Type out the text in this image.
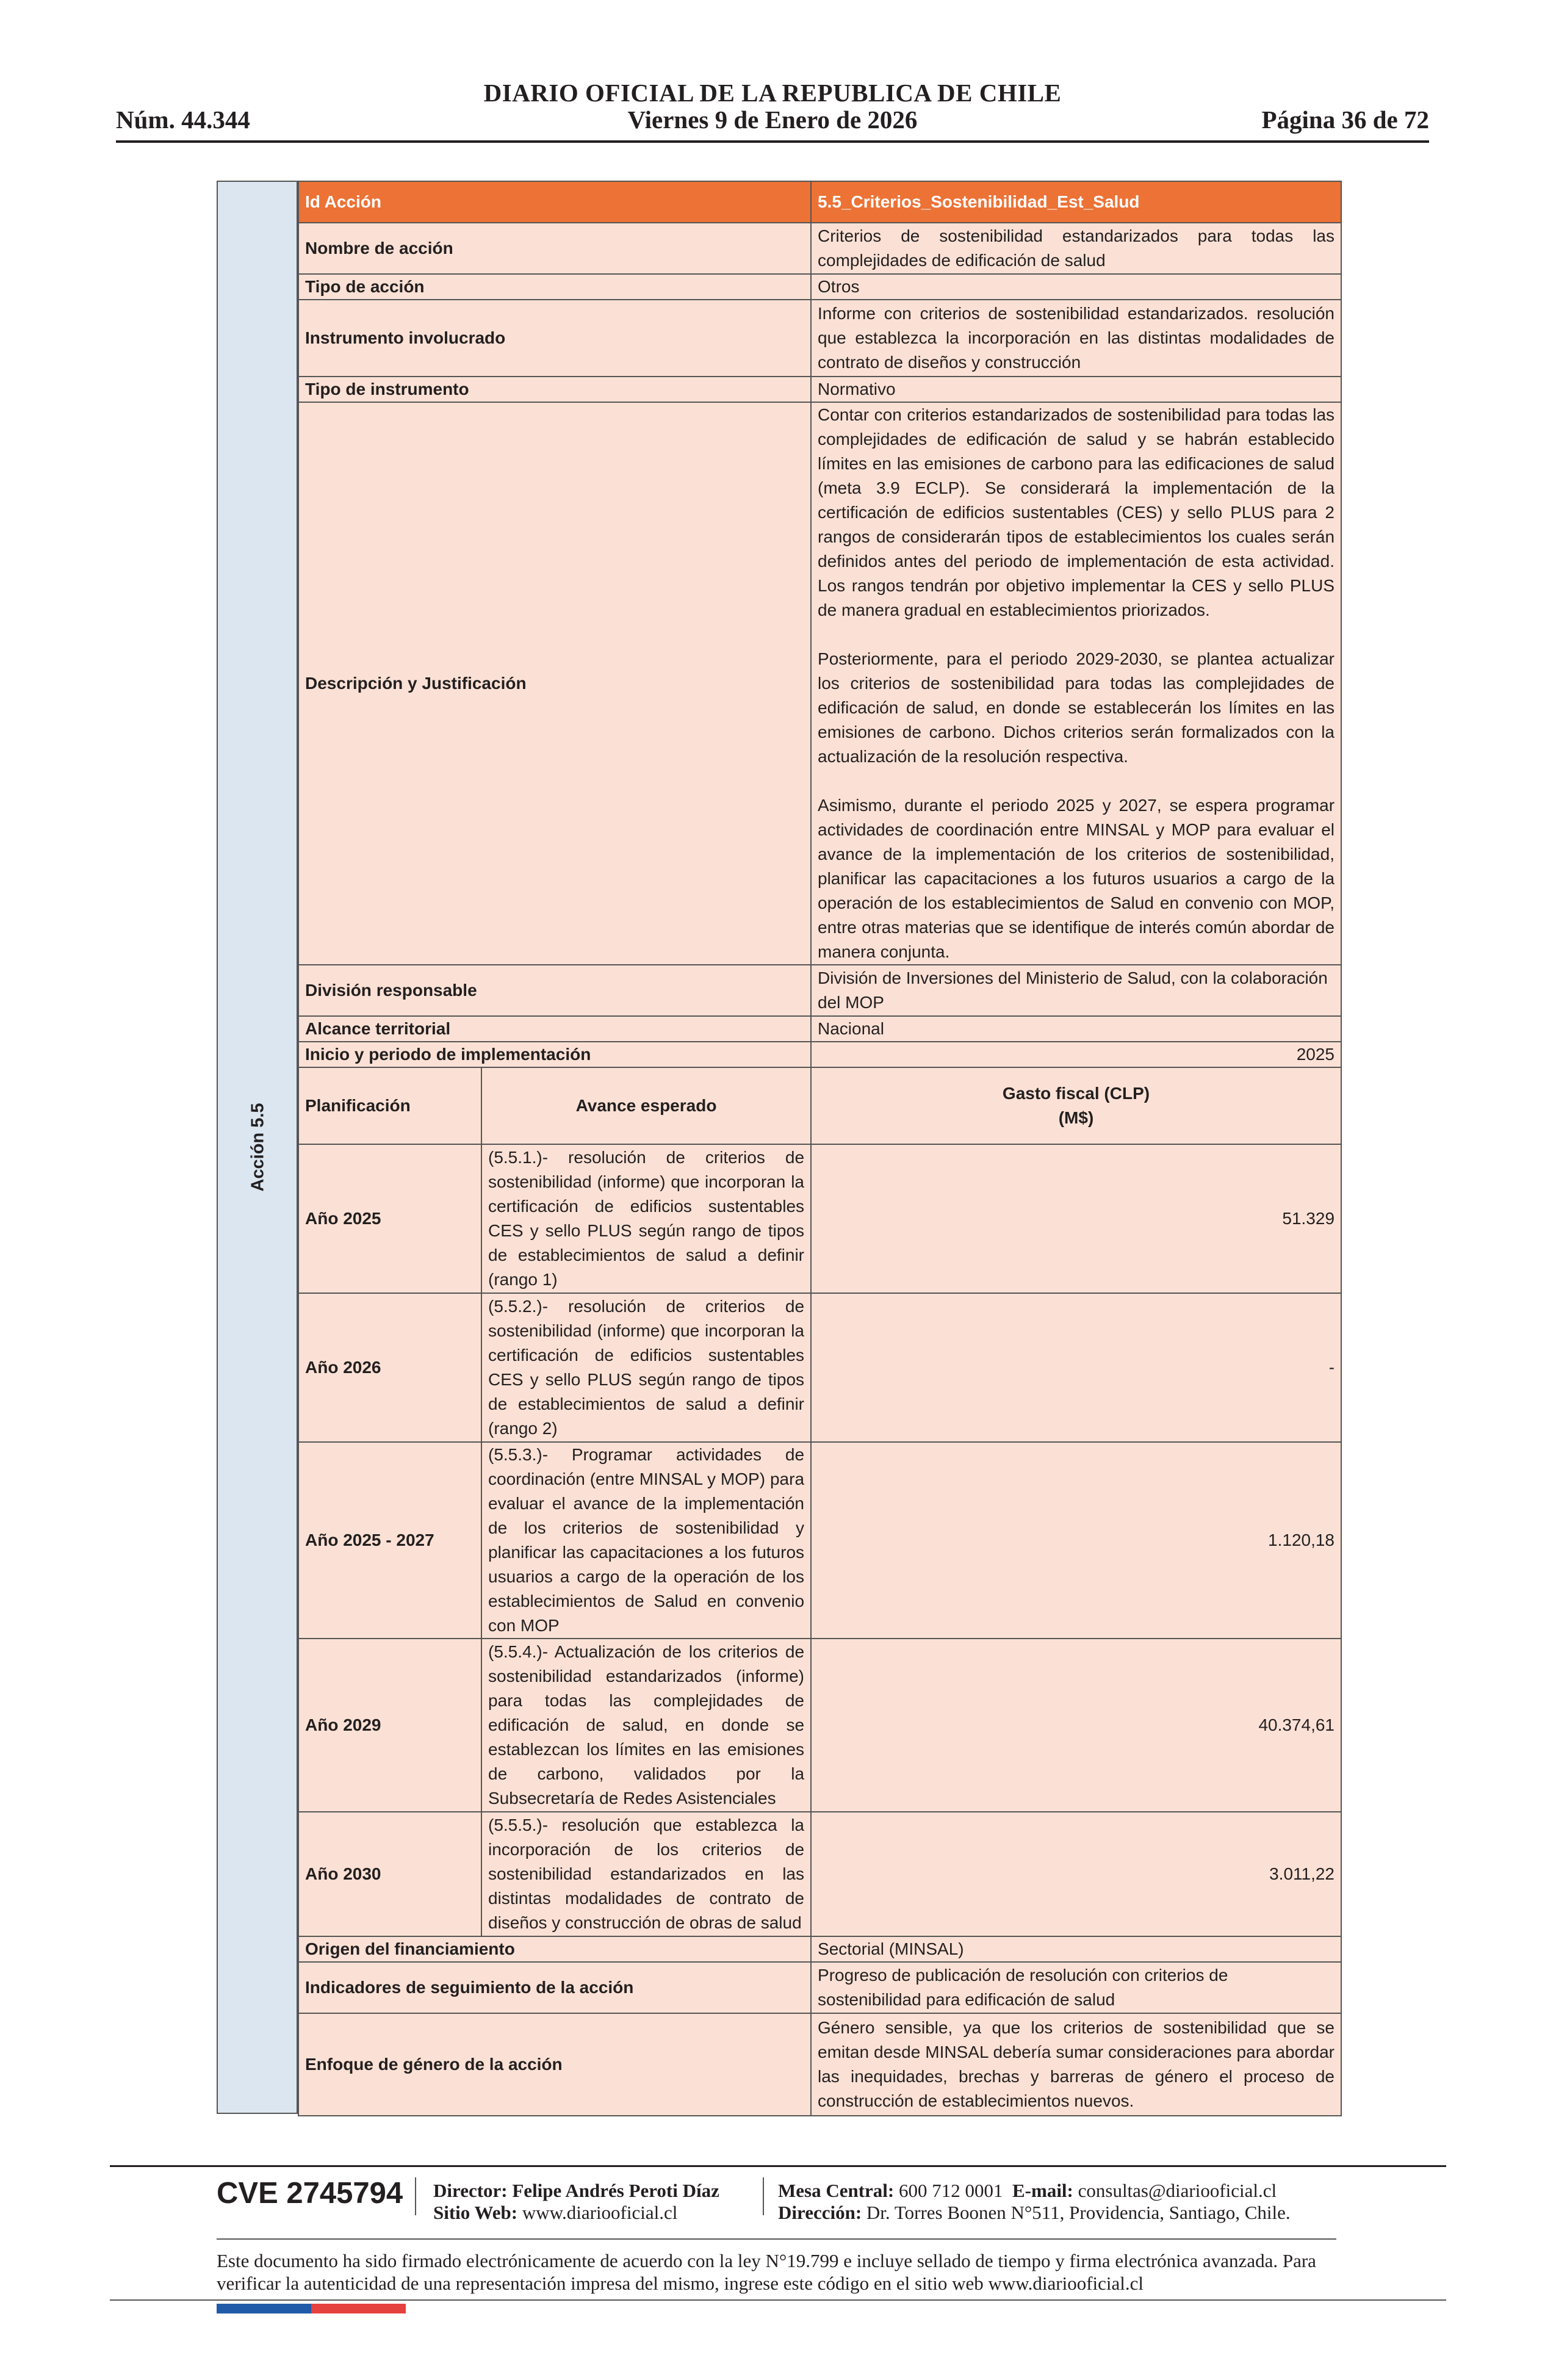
DIARIO OFICIAL DE LA REPUBLICA DE CHILE
Núm. 44.344	Viernes 9 de Enero de 2026	Página 36 de 72
Acción 5.5
Id Acción		5.5_Criterios_Sostenibilidad_Est_Salud
Nombre de acción		Criterios de sostenibilidad estandarizados para todas las complejidades de edificación de salud
Tipo de acción		Otros
Instrumento involucrado		Informe con criterios de sostenibilidad estandarizados. resolución que establezca la incorporación en las distintas modalidades de contrato de diseños y construcción
Tipo de instrumento		Normativo
Descripción y Justificación		Contar con criterios estandarizados de sostenibilidad para todas las complejidades de edificación de salud y se habrán establecido límites en las emisiones de carbono para las edificaciones de salud (meta 3.9 ECLP). Se considerará la implementación de la certificación de edificios sustentables (CES) y sello PLUS para 2 rangos de considerarán tipos de establecimientos los cuales serán definidos antes del periodo de implementación de esta actividad. Los rangos tendrán por objetivo implementar la CES y sello PLUS de manera gradual en establecimientos priorizados.
Posteriormente, para el periodo 2029-2030, se plantea actualizar los criterios de sostenibilidad para todas las complejidades de edificación de salud, en donde se establecerán los límites en las emisiones de carbono. Dichos criterios serán formalizados con la actualización de la resolución respectiva.
Asimismo, durante el periodo 2025 y 2027, se espera programar actividades de coordinación entre MINSAL y MOP para evaluar el avance de la implementación de los criterios de sostenibilidad, planificar las capacitaciones a los futuros usuarios a cargo de la operación de los establecimientos de Salud en convenio con MOP, entre otras materias que se identifique de interés común abordar de manera conjunta.

División responsable		División de Inversiones del Ministerio de Salud, con la colaboración del MOP
Alcance territorial		Nacional
Inicio y periodo de implementación		2025
Planificación	Avance esperado	Gasto fiscal (CLP)
(M$)

Año 2025	(5.5.1.)- resolución de criterios de sostenibilidad (informe) que incorporan la certificación de edificios sustentables CES y sello PLUS según rango de tipos de establecimientos de salud a definir (rango 1)	51.329
Año 2026	(5.5.2.)- resolución de criterios de sostenibilidad (informe) que incorporan la certificación de edificios sustentables CES y sello PLUS según rango de tipos de establecimientos de salud a definir (rango 2)	-
Año 2025 - 2027	(5.5.3.)- Programar actividades de coordinación (entre MINSAL y MOP) para evaluar el avance de la implementación de los criterios de sostenibilidad y planificar las capacitaciones a los futuros usuarios a cargo de la operación de los establecimientos de Salud en convenio con MOP	1.120,18
Año 2029	(5.5.4.)- Actualización de los criterios de sostenibilidad estandarizados (informe) para todas las complejidades de edificación de salud, en donde se establezcan los límites en las emisiones de carbono, validados por la Subsecretaría de Redes Asistenciales	40.374,61
Año 2030	(5.5.5.)- resolución que establezca la incorporación de los criterios de sostenibilidad estandarizados en las distintas modalidades de contrato de diseños y construcción de obras de salud	3.011,22
Origen del financiamiento		Sectorial (MINSAL)
Indicadores de seguimiento de la acción		Progreso de publicación de resolución con criterios de sostenibilidad para edificación de salud
Enfoque de género de la acción		Género sensible, ya que los criterios de sostenibilidad que se emitan desde MINSAL debería sumar consideraciones para abordar las inequidades, brechas y barreras de género el proceso de construcción de establecimientos nuevos.
CVE 2745794 Director: Felipe Andrés Peroti Díaz
Sitio Web: www.diariooficial.cl
Mesa Central: 600 712 0001 E-mail: consultas@diariooficial.cl
Dirección: Dr. Torres Boonen N°511, Providencia, Santiago, Chile.
Este documento ha sido firmado electrónicamente de acuerdo con la ley N°19.799 e incluye sellado de tiempo y firma electrónica avanzada. Para verificar la autenticidad de una representación impresa del mismo, ingrese este código en el sitio web www.diariooficial.cl
